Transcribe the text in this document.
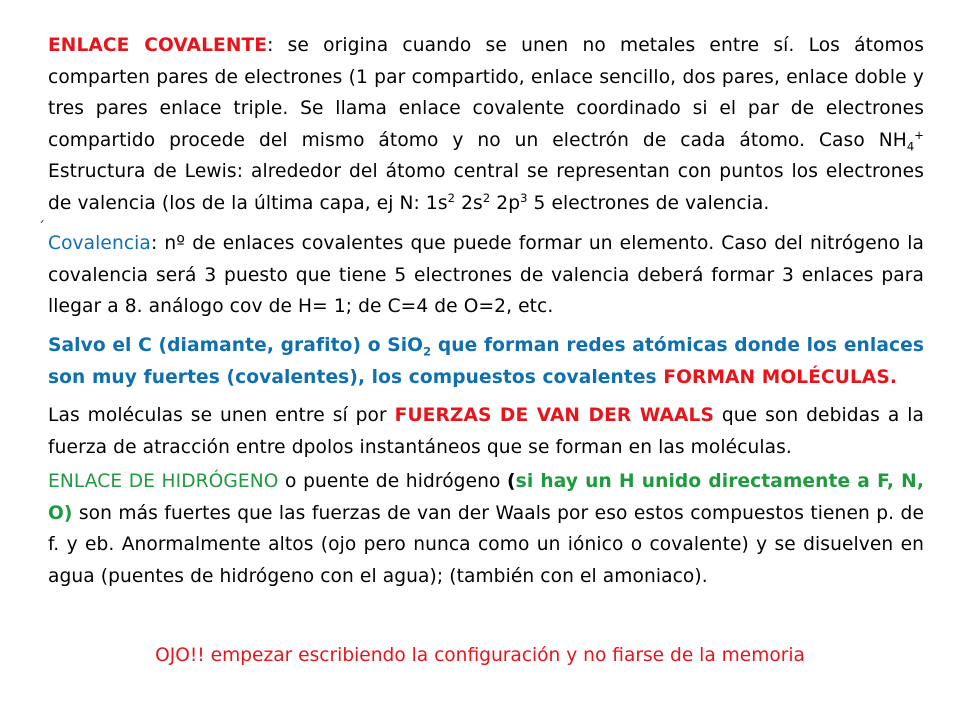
ENLACE COVALENTE: se origina cuando se unen no metales entre sí. Los átomos comparten pares de electrones (1 par compartido, enlace sencillo, dos pares, enlace doble y tres pares enlace triple. Se llama enlace covalente coordinado si el par de electrones compartido procede del mismo átomo y no un electrón de cada átomo. Caso $NH_4^+$ Estructura de Lewis: alrededor del átomo central se representan con puntos los electrones de valencia (los de la última capa, ej N: $1s^2$ $2s^2$ $2p^3$ 5 electrones de valencia.
´
Covalencia: nº de enlaces covalentes que puede formar un elemento. Caso del nitrógeno la covalencia será 3 puesto que tiene 5 electrones de valencia deberá formar 3 enlaces para llegar a 8. análogo cov de H= 1; de C=4 de O=2, etc.
Salvo el C (diamante, grafito) o SiO$_2$ que forman redes atómicas donde los enlaces son muy fuertes (covalentes), los compuestos covalentes FORMAN MOLÉCULAS.
Las moléculas se unen entre sí por FUERZAS DE VAN DER WAALS que son debidas a la fuerza de atracción entre dpolos instantáneos que se forman en las moléculas.
ENLACE DE HIDRÓGENO o puente de hidrógeno (si hay un H unido directamente a F, N, O) son más fuertes que las fuerzas de van der Waals por eso estos compuestos tienen p. de f. y eb. Anormalmente altos (ojo pero nunca como un iónico o covalente) y se disuelven en agua (puentes de hidrógeno con el agua); (también con el amoniaco).
OJO!! empezar escribiendo la configuración y no fiarse de la memoria
